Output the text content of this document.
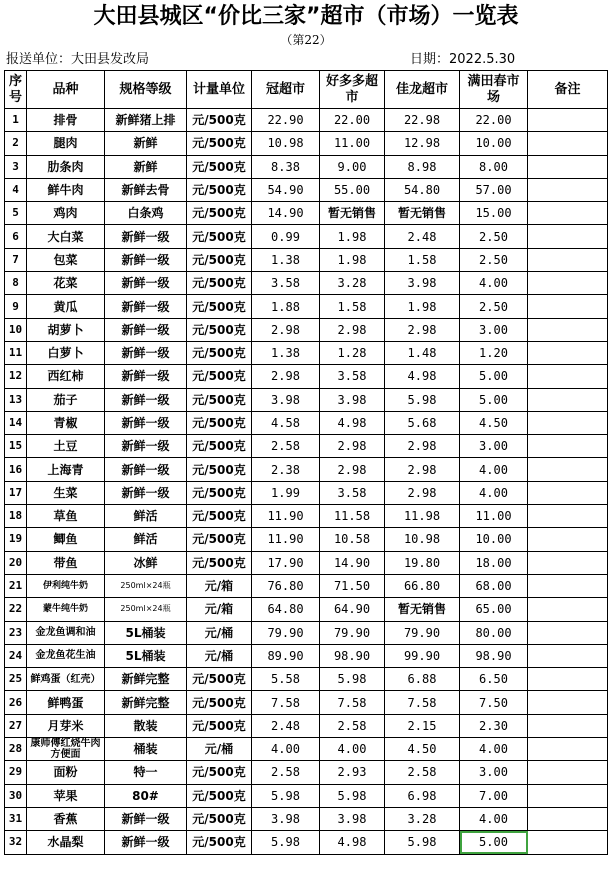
大田县城区“价比三家”超市（市场）一览表
（第22）
报送单位：大田县发改局	日期：2022.5.30
序号	品种	规格等级	计量单位	冠超市	好多多超市	佳龙超市	满田春市场	备注
1	排骨	新鲜猪上排	元/500克	22.90	22.00	22.98	22.00	
2	腿肉	新鲜	元/500克	10.98	11.00	12.98	10.00	
3	肋条肉	新鲜	元/500克	8.38	9.00	8.98	8.00	
4	鲜牛肉	新鲜去骨	元/500克	54.90	55.00	54.80	57.00	
5	鸡肉	白条鸡	元/500克	14.90	暂无销售	暂无销售	15.00	
6	大白菜	新鲜一级	元/500克	0.99	1.98	2.48	2.50	
7	包菜	新鲜一级	元/500克	1.38	1.98	1.58	2.50	
8	花菜	新鲜一级	元/500克	3.58	3.28	3.98	4.00	
9	黄瓜	新鲜一级	元/500克	1.88	1.58	1.98	2.50	
10	胡萝卜	新鲜一级	元/500克	2.98	2.98	2.98	3.00	
11	白萝卜	新鲜一级	元/500克	1.38	1.28	1.48	1.20	
12	西红柿	新鲜一级	元/500克	2.98	3.58	4.98	5.00	
13	茄子	新鲜一级	元/500克	3.98	3.98	5.98	5.00	
14	青椒	新鲜一级	元/500克	4.58	4.98	5.68	4.50	
15	土豆	新鲜一级	元/500克	2.58	2.98	2.98	3.00	
16	上海青	新鲜一级	元/500克	2.38	2.98	2.98	4.00	
17	生菜	新鲜一级	元/500克	1.99	3.58	2.98	4.00	
18	草鱼	鲜活	元/500克	11.90	11.58	11.98	11.00	
19	鲫鱼	鲜活	元/500克	11.90	10.58	10.98	10.00	
20	带鱼	冰鲜	元/500克	17.90	14.90	19.80	18.00	
21	伊利纯牛奶	250ml×24瓶	元/箱	76.80	71.50	66.80	68.00	
22	蒙牛纯牛奶	250ml×24瓶	元/箱	64.80	64.90	暂无销售	65.00	
23	金龙鱼调和油	5L桶装	元/桶	79.90	79.90	79.90	80.00	
24	金龙鱼花生油	5L桶装	元/桶	89.90	98.90	99.90	98.90	
25	鲜鸡蛋（红壳）	新鲜完整	元/500克	5.58	5.98	6.88	6.50	
26	鲜鸭蛋	新鲜完整	元/500克	7.58	7.58	7.58	7.50	
27	月芽米	散装	元/500克	2.48	2.58	2.15	2.30	
28	康师傅红烧牛肉方便面	桶装	元/桶	4.00	4.00	4.50	4.00	
29	面粉	特一	元/500克	2.58	2.93	2.58	3.00	
30	苹果	80#	元/500克	5.98	5.98	6.98	7.00	
31	香蕉	新鲜一级	元/500克	3.98	3.98	3.28	4.00	
32	水晶梨	新鲜一级	元/500克	5.98	4.98	5.98	5.00	
